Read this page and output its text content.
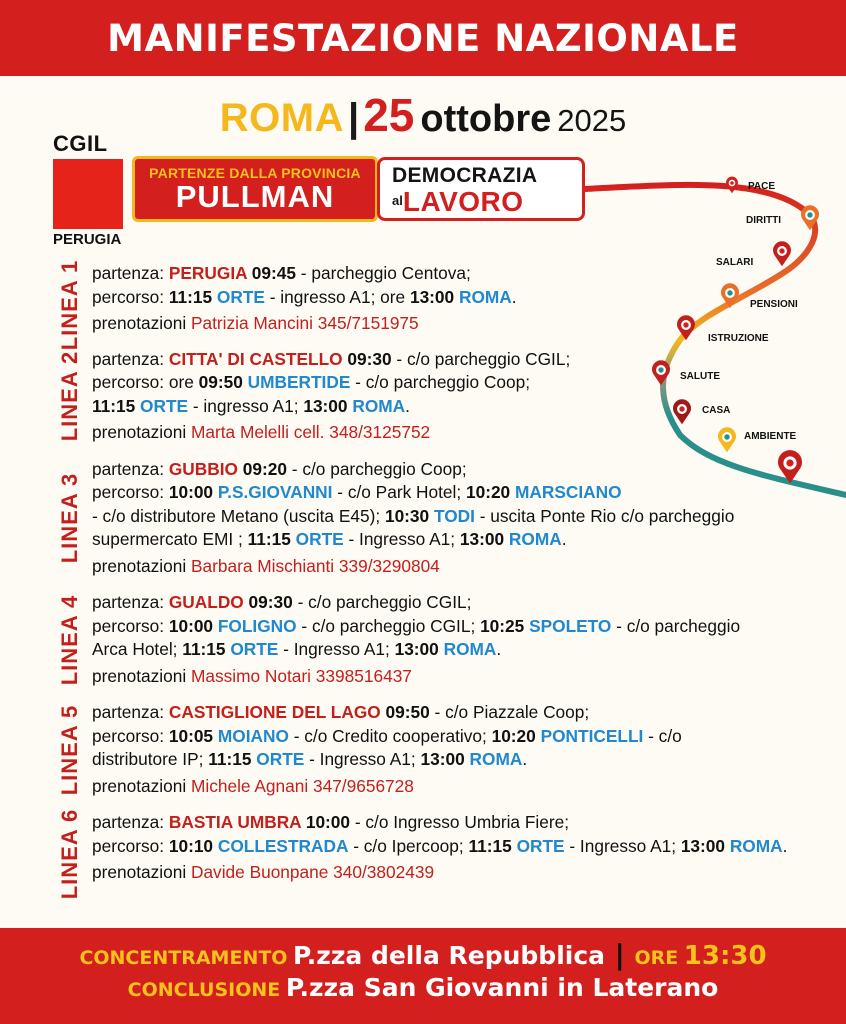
MANIFESTAZIONE NAZIONALE
ROMA |25 ottobre 2025
CGIL
PERUGIA
PARTENZE DALLA PROVINCIA
PULLMAN
DEMOCRAZIA
$^{al}$LAVORO	PACE
DIRITTI
SALARI
PENSIONI
ISTRUZIONE
SALUTE
CASA
AMBIENTE
LINEA 1 partenza: PERUGIA 09:45 - parcheggio Centova;
percorso: 11:15 ORTE - ingresso A1; ore 13:00 ROMA.
prenotazioni Patrizia Mancini 345/7151975
LINEA 2 partenza: CITTA' DI CASTELLO 09:30 - c/o parcheggio CGIL;
percorso: ore 09:50 UMBERTIDE - c/o parcheggio Coop;
11:15 ORTE - ingresso A1; 13:00 ROMA.
prenotazioni Marta Melelli cell. 348/3125752
LINEA 3
partenza: GUBBIO 09:20 - c/o parcheggio Coop;
percorso: 10:00 P.S.GIOVANNI - c/o Park Hotel; 10:20 MARSCIANO
- c/o distributore Metano (uscita E45); 10:30 TODI - uscita Ponte Rio c/o parcheggio
supermercato EMI ; 11:15 ORTE - Ingresso A1; 13:00 ROMA.
prenotazioni Barbara Mischianti 339/3290804
LINEA 4 partenza: GUALDO 09:30 - c/o parcheggio CGIL;
percorso: 10:00 FOLIGNO - c/o parcheggio CGIL; 10:25 SPOLETO - c/o parcheggio
Arca Hotel; 11:15 ORTE - Ingresso A1; 13:00 ROMA.
prenotazioni Massimo Notari 3398516437
LINEA 5 partenza: CASTIGLIONE DEL LAGO 09:50 - c/o Piazzale Coop;
percorso: 10:05 MOIANO - c/o Credito cooperativo; 10:20 PONTICELLI - c/o
distributore IP; 11:15 ORTE - Ingresso A1; 13:00 ROMA.
prenotazioni Michele Agnani 347/9656728
LINEA 6 partenza: BASTIA UMBRA 10:00 - c/o Ingresso Umbria Fiere;
percorso: 10:10 COLLESTRADA - c/o Ipercoop; 11:15 ORTE - Ingresso A1; 13:00 ROMA.
prenotazioni Davide Buonpane 340/3802439
CONCENTRAMENTO P.zza della Repubblica | ORE 13:30
CONCLUSIONE P.zza San Giovanni in Laterano
